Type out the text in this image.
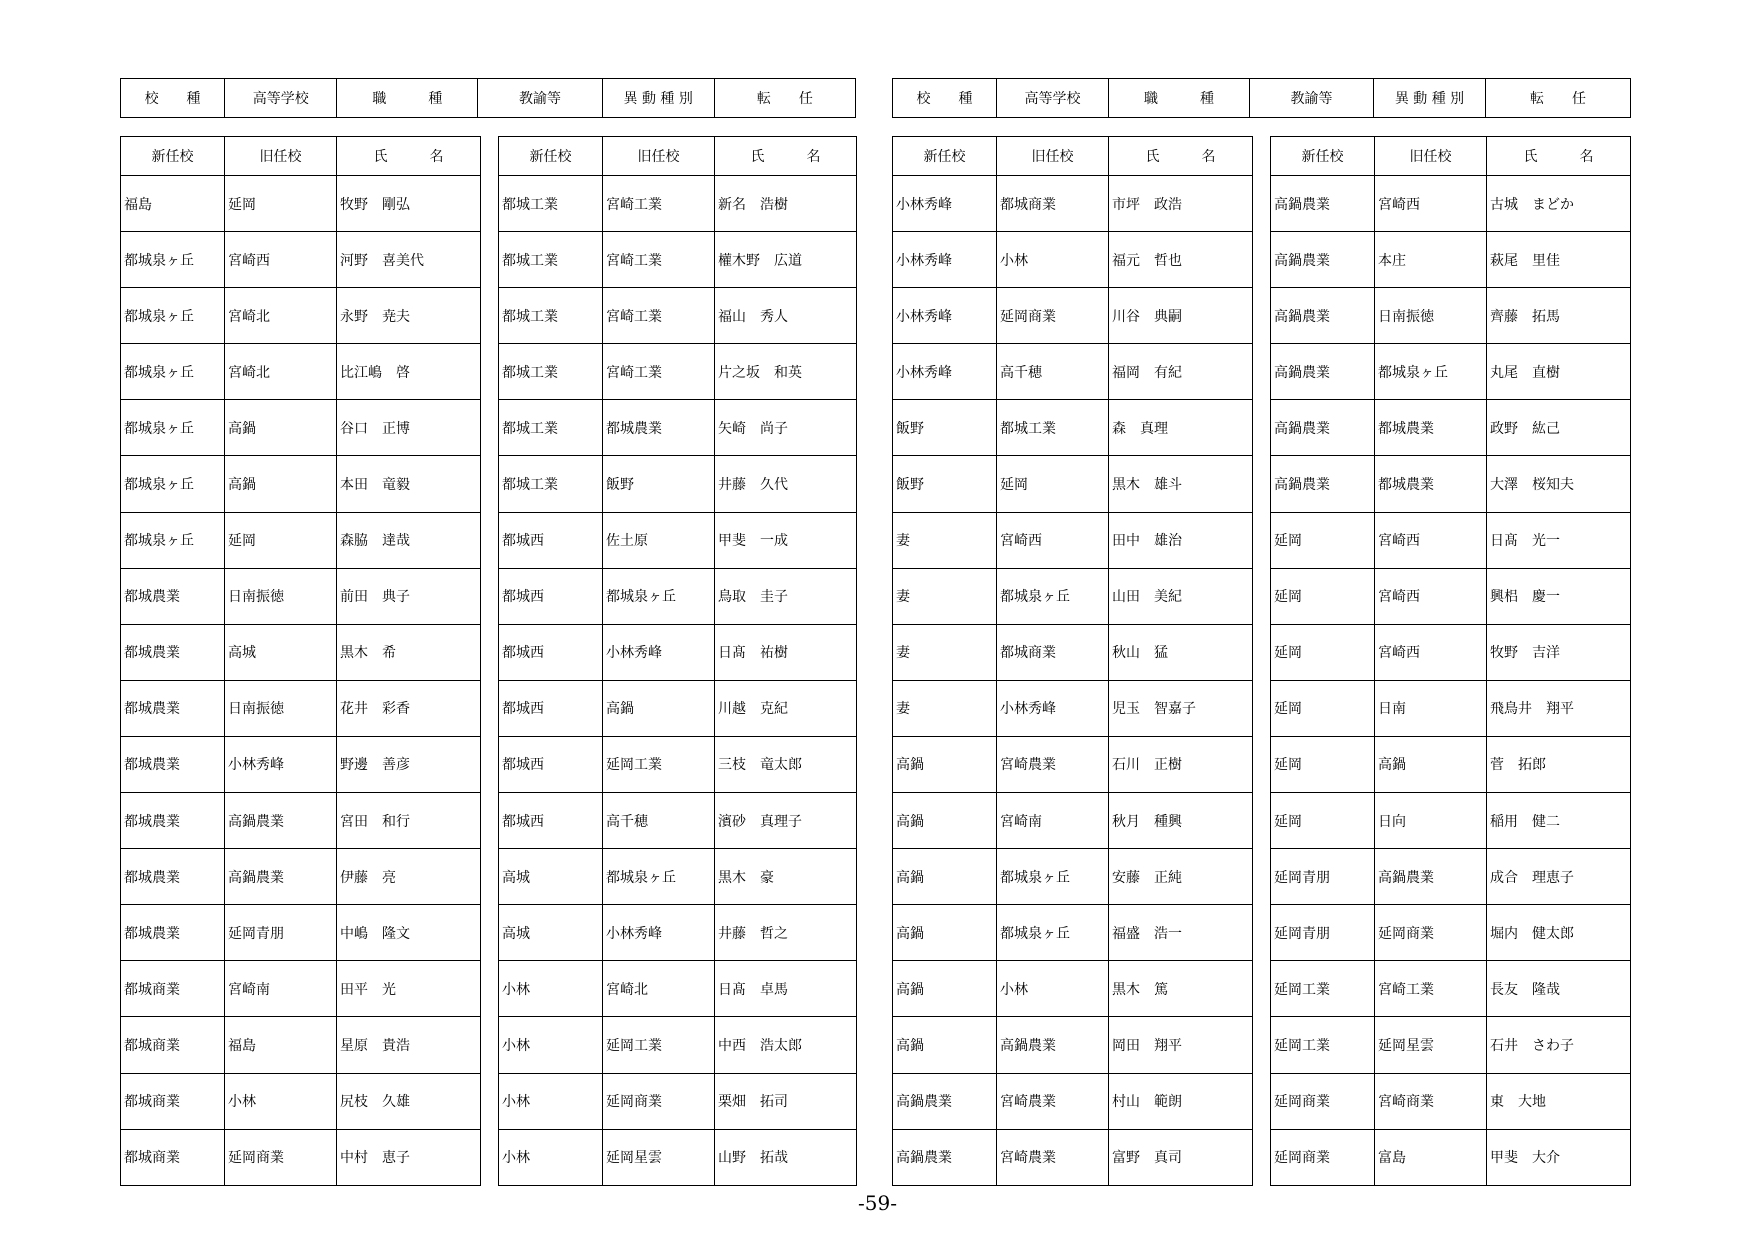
校　　種	高等学校	職　　　種	教諭等	異 動 種 別	転　　任	校　　種	高等学校	職　　　種	教諭等	異 動 種 別	転　　任
新任校	旧任校	氏　　　名
福島	延岡	牧野　剛弘
都城泉ヶ丘	宮崎西	河野　喜美代
都城泉ヶ丘	宮崎北	永野　尭夫
都城泉ヶ丘	宮崎北	比江嶋　啓
都城泉ヶ丘	高鍋	谷口　正博
都城泉ヶ丘	高鍋	本田　竜毅
都城泉ヶ丘	延岡	森脇　達哉
都城農業	日南振徳	前田　典子
都城農業	高城	黒木　希
都城農業	日南振徳	花井　彩香
都城農業	小林秀峰	野邊　善彦
都城農業	高鍋農業	宮田　和行
都城農業	高鍋農業	伊藤　亮
都城農業	延岡青朋	中嶋　隆文
都城商業	宮崎南	田平　光
都城商業	福島	星原　貴浩
都城商業	小林	尻枝　久雄
都城商業	延岡商業	中村　恵子
新任校	旧任校	氏　　　名
都城工業	宮崎工業	新名　浩樹
都城工業	宮崎工業	權木野　広道
都城工業	宮崎工業	福山　秀人
都城工業	宮崎工業	片之坂　和英
都城工業	都城農業	矢崎　尚子
都城工業	飯野	井藤　久代
都城西	佐土原	甲斐　一成
都城西	都城泉ヶ丘	鳥取　圭子
都城西	小林秀峰	日髙　祐樹
都城西	高鍋	川越　克紀
都城西	延岡工業	三枝　竜太郎
都城西	高千穂	濱砂　真理子
高城	都城泉ヶ丘	黒木　豪
高城	小林秀峰	井藤　哲之
小林	宮崎北	日髙　卓馬
小林	延岡工業	中西　浩太郎
小林	延岡商業	栗畑　拓司
小林	延岡星雲	山野　拓哉
新任校	旧任校	氏　　　名
小林秀峰	都城商業	市坪　政浩
小林秀峰	小林	福元　哲也
小林秀峰	延岡商業	川谷　典嗣
小林秀峰	高千穂	福岡　有紀
飯野	都城工業	森　真理
飯野	延岡	黒木　雄斗
妻	宮崎西	田中　雄治
妻	都城泉ヶ丘	山田　美紀
妻	都城商業	秋山　猛
妻	小林秀峰	児玉　智嘉子
高鍋	宮崎農業	石川　正樹
高鍋	宮崎南	秋月　種興
高鍋	都城泉ヶ丘	安藤　正純
高鍋	都城泉ヶ丘	福盛　浩一
高鍋	小林	黒木　篤
高鍋	高鍋農業	岡田　翔平
高鍋農業	宮崎農業	村山　範朗
高鍋農業	宮崎農業	富野　真司
新任校	旧任校	氏　　　名
高鍋農業	宮崎西	古城　まどか
高鍋農業	本庄	萩尾　里佳
高鍋農業	日南振徳	齊藤　拓馬
高鍋農業	都城泉ヶ丘	丸尾　直樹
高鍋農業	都城農業	政野　紘己
高鍋農業	都城農業	大澤　桜知夫
延岡	宮崎西	日髙　光一
延岡	宮崎西	興梠　慶一
延岡	宮崎西	牧野　吉洋
延岡	日南	飛鳥井　翔平
延岡	高鍋	菅　拓郎
延岡	日向	稲用　健二
延岡青朋	高鍋農業	成合　理恵子
延岡青朋	延岡商業	堀内　健太郎
延岡工業	宮崎工業	長友　隆哉
延岡工業	延岡星雲	石井　さわ子
延岡商業	宮崎商業	東　大地
延岡商業	富島	甲斐　大介
-59-
